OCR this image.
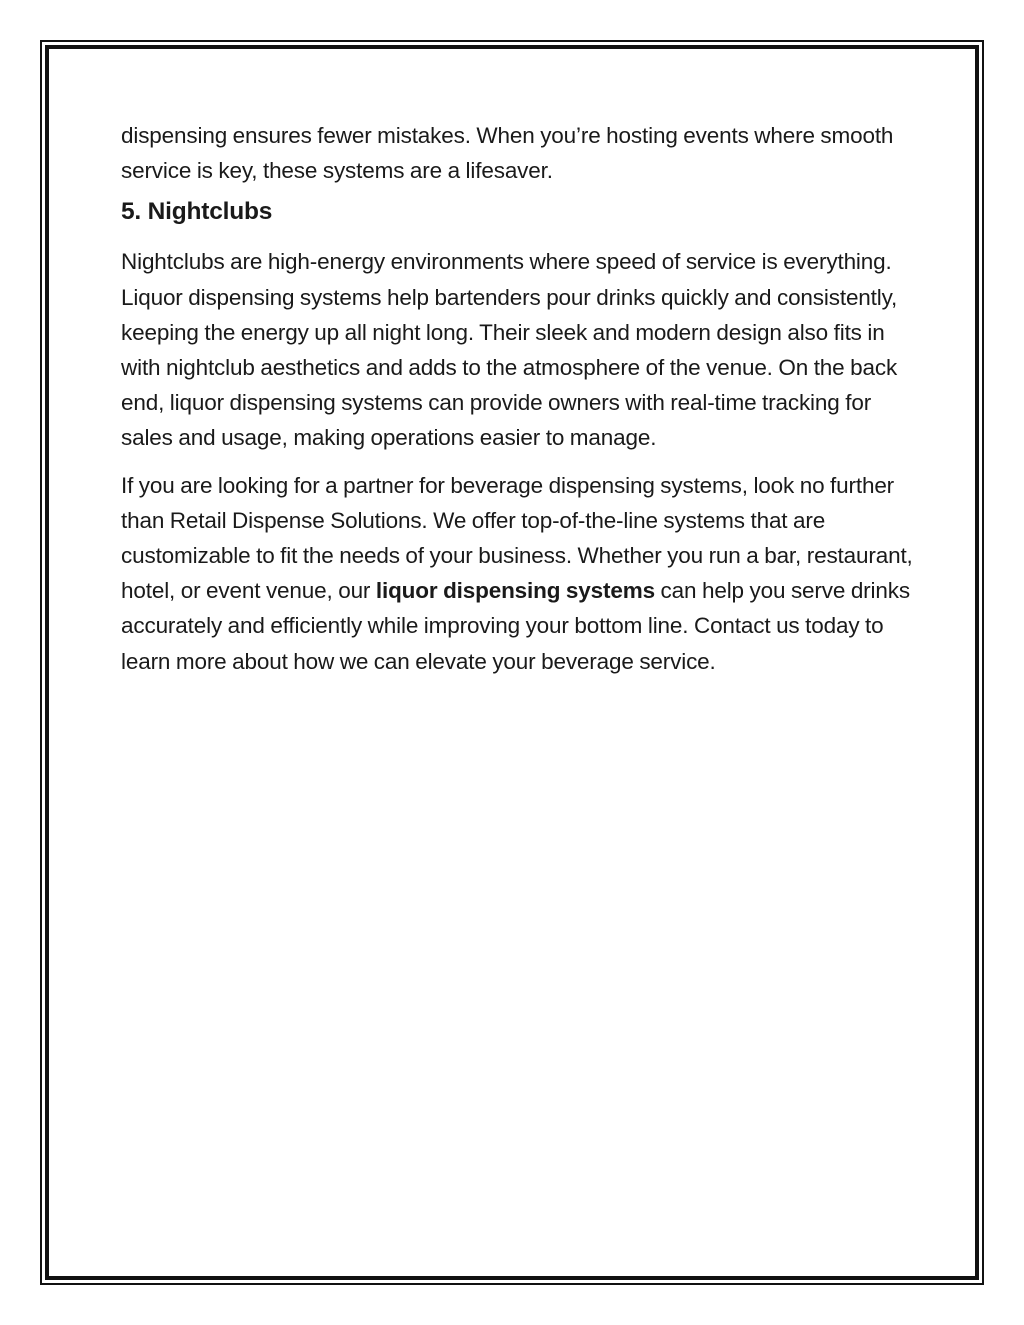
dispensing ensures fewer mistakes. When you’re hosting events where smooth service is key, these systems are a lifesaver.

5. Nightclubs

Nightclubs are high-energy environments where speed of service is everything. Liquor dispensing systems help bartenders pour drinks quickly and consistently, keeping the energy up all night long. Their sleek and modern design also fits in with nightclub aesthetics and adds to the atmosphere of the venue. On the back end, liquor dispensing systems can provide owners with real-time tracking for sales and usage, making operations easier to manage.

If you are looking for a partner for beverage dispensing systems, look no further than Retail Dispense Solutions. We offer top-of-the-line systems that are customizable to fit the needs of your business. Whether you run a bar, restaurant, hotel, or event venue, our liquor dispensing systems can help you serve drinks accurately and efficiently while improving your bottom line. Contact us today to learn more about how we can elevate your beverage service.
